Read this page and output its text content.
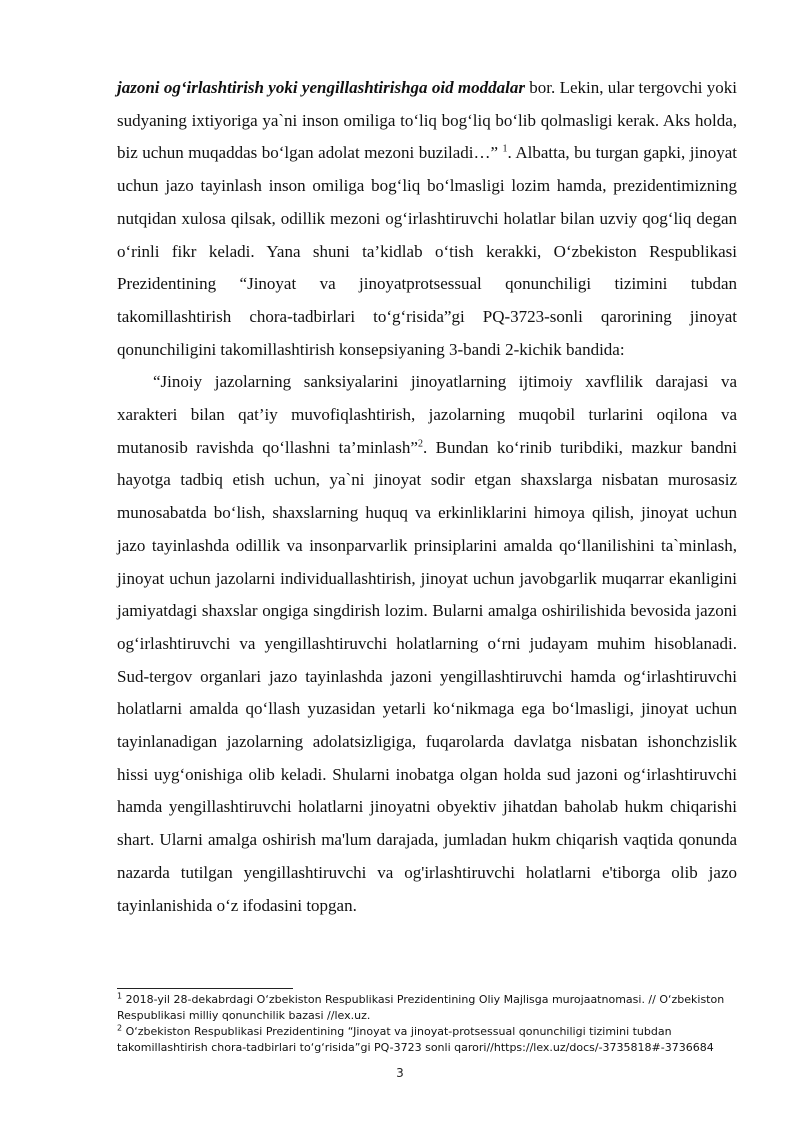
jazoni og‘irlashtirish yoki yengillashtirishga oid moddalar bor. Lekin, ular tergovchi yoki sudyaning ixtiyoriga ya`ni inson omiliga to‘liq bog‘liq bo‘lib qolmasligi kerak. Aks holda, biz uchun muqaddas bo‘lgan adolat mezoni buziladi…” $^1$. Albatta, bu turgan gapki, jinoyat uchun jazo tayinlash inson omiliga bog‘liq bo‘lmasligi lozim hamda, prezidentimizning nutqidan xulosa qilsak, odillik mezoni og‘irlashtiruvchi holatlar bilan uzviy qog‘liq degan o‘rinli fikr keladi. Yana shuni ta’kidlab o‘tish kerakki, O‘zbekiston Respublikasi Prezidentining “Jinoyat va jinoyatprotsessual qonunchiligi tizimini tubdan takomillashtirish chora-tadbirlari to‘g‘risida”gi PQ-3723-sonli qarorining jinoyat qonunchiligini takomillashtirish konsepsiyaning 3-bandi 2-kichik bandida:

“Jinoiy jazolarning sanksiyalarini jinoyatlarning ijtimoiy xavflilik darajasi va xarakteri bilan qat’iy muvofiqlashtirish, jazolarning muqobil turlarini oqilona va mutanosib ravishda qo‘llashni ta’minlash”$^2$. Bundan ko‘rinib turibdiki, mazkur bandni hayotga tadbiq etish uchun, ya`ni jinoyat sodir etgan shaxslarga nisbatan murosasiz munosabatda bo‘lish, shaxslarning huquq va erkinliklarini himoya qilish, jinoyat uchun jazo tayinlashda odillik va insonparvarlik prinsiplarini amalda qo‘llanilishini ta`minlash, jinoyat uchun jazolarni individuallashtirish, jinoyat uchun javobgarlik muqarrar ekanligini jamiyatdagi shaxslar ongiga singdirish lozim. Bularni amalga oshirilishida bevosida jazoni og‘irlashtiruvchi va yengillashtiruvchi holatlarning o‘rni judayam muhim hisoblanadi. Sud-tergov organlari jazo tayinlashda jazoni yengillashtiruvchi hamda og‘irlashtiruvchi holatlarni amalda qo‘llash yuzasidan yetarli ko‘nikmaga ega bo‘lmasligi, jinoyat uchun tayinlanadigan jazolarning adolatsizligiga, fuqarolarda davlatga nisbatan ishonchzislik hissi uyg‘onishiga olib keladi. Shularni inobatga olgan holda sud jazoni og‘irlashtiruvchi hamda yengillashtiruvchi holatlarni jinoyatni obyektiv jihatdan baholab hukm chiqarishi shart. Ularni amalga oshirish ma'lum darajada, jumladan hukm chiqarish vaqtida qonunda nazarda tutilgan yengillashtiruvchi va og'irlashtiruvchi holatlarni e'tiborga olib jazo tayinlanishida o‘z ifodasini topgan.

$^1$ 2018-yil 28-dekabrdagi O‘zbekiston Respublikasi Prezidentining Oliy Majlisga murojaatnomasi. // O‘zbekiston Respublikasi milliy qonunchilik bazasi //lex.uz.

$^2$ O‘zbekiston Respublikasi Prezidentining “Jinoyat va jinoyat-protsessual qonunchiligi tizimini tubdan takomillashtirish chora-tadbirlari to‘g‘risida”gi PQ-3723 sonli qarori//https://lex.uz/docs/-3735818#-3736684

3
